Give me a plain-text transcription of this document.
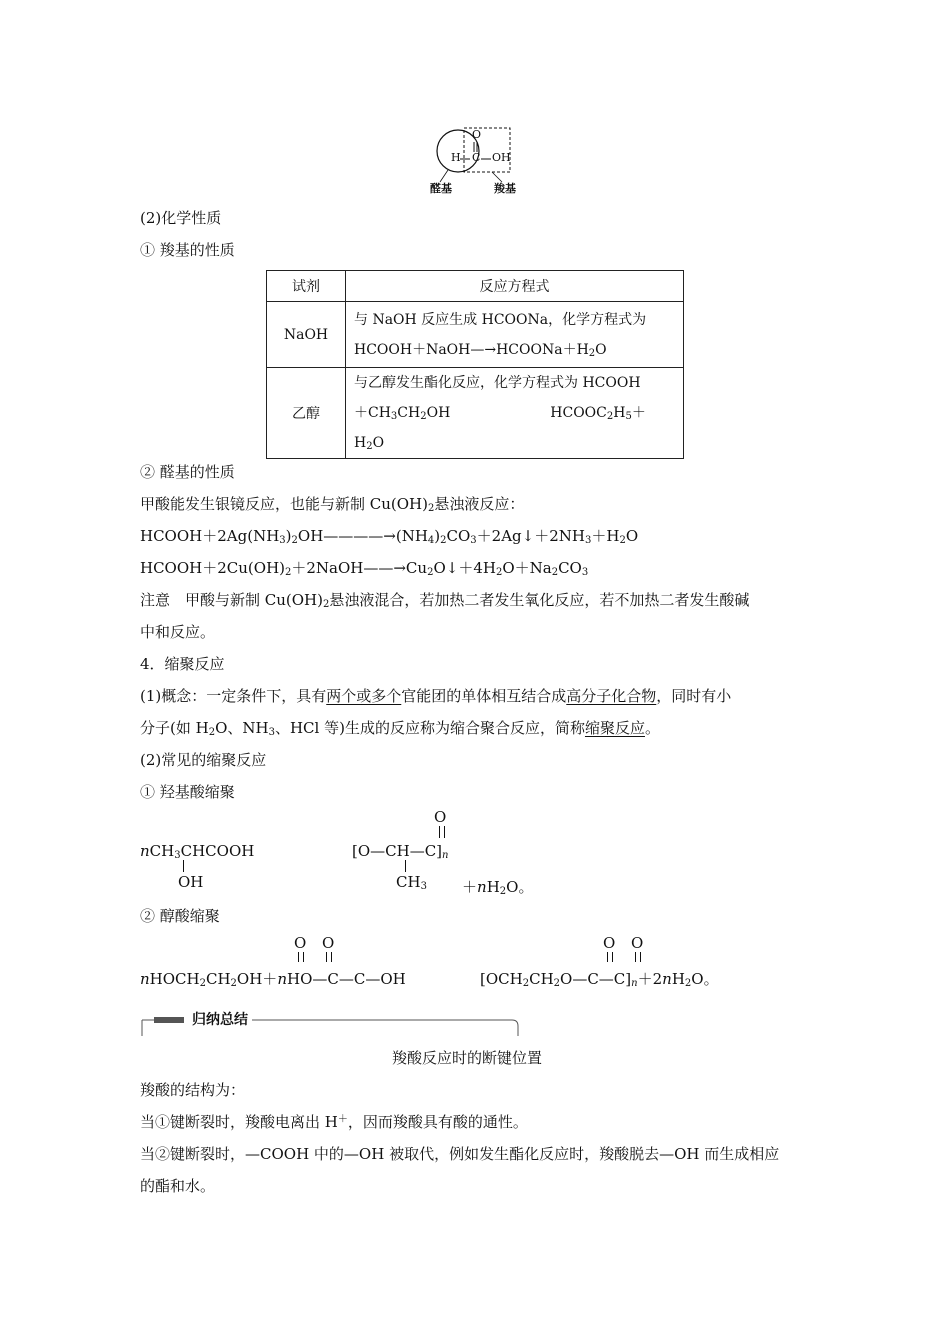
O
H C OH
醛基	羧基
(2)化学性质
① 羧基的性质
试剂	反应方程式
NaOH	与 NaOH 反应生成 HCOONa，化学方程式为
$HCOOH+NaOH—\to HCOONa+H_2O$

乙醇	与乙醇发生酯化反应，化学方程式为 HCOOH
$+CH_3CH_2OH$ $HCOOC_2H_5+H_2O$
② 醛基的性质
甲酸能发生银镜反应，也能与新制 $Cu(OH)_2$悬浊液反应：
$HCOOH+2Ag(NH_3)_2OH————\to(NH_4)_2CO_3+2Ag↓+2NH_3+H_2O$
$HCOOH+2Cu(OH)_2+2NaOH——\to Cu_2O↓+4H_2O+Na_2CO_3$
注意　甲酸与新制 $Cu(OH)_2$悬浊液混合，若加热二者发生氧化反应，若不加热二者发生酸碱
中和反应。
4．缩聚反应
(1)概念：一定条件下，具有两个或多个官能团的单体相互结合成高分子化合物，同时有小
分子(如 $H_2O$、$NH_3$、HCl 等)生成的反应称为缩合聚合反应，简称缩聚反应。
(2)常见的缩聚反应
① 羟基酸缩聚
nCH$_3$CHCOOH
OH
O
$[O—CH—C]_n$
$CH_3 +nH_2O$。
② 醇酸缩聚
O O
$nHOCH_2CH_2OH+nHO—C—C—OH$
O O
$[OCH_2CH_2O—C—C]_n+2nH_2O$。
归纳总结
羧酸反应时的断键位置
羧酸的结构为：
当①键断裂时，羧酸电离出 H＋，因而羧酸具有酸的通性。
当②键断裂时，—COOH 中的—OH 被取代，例如发生酯化反应时，羧酸脱去—OH 而生成相应
的酯和水。
